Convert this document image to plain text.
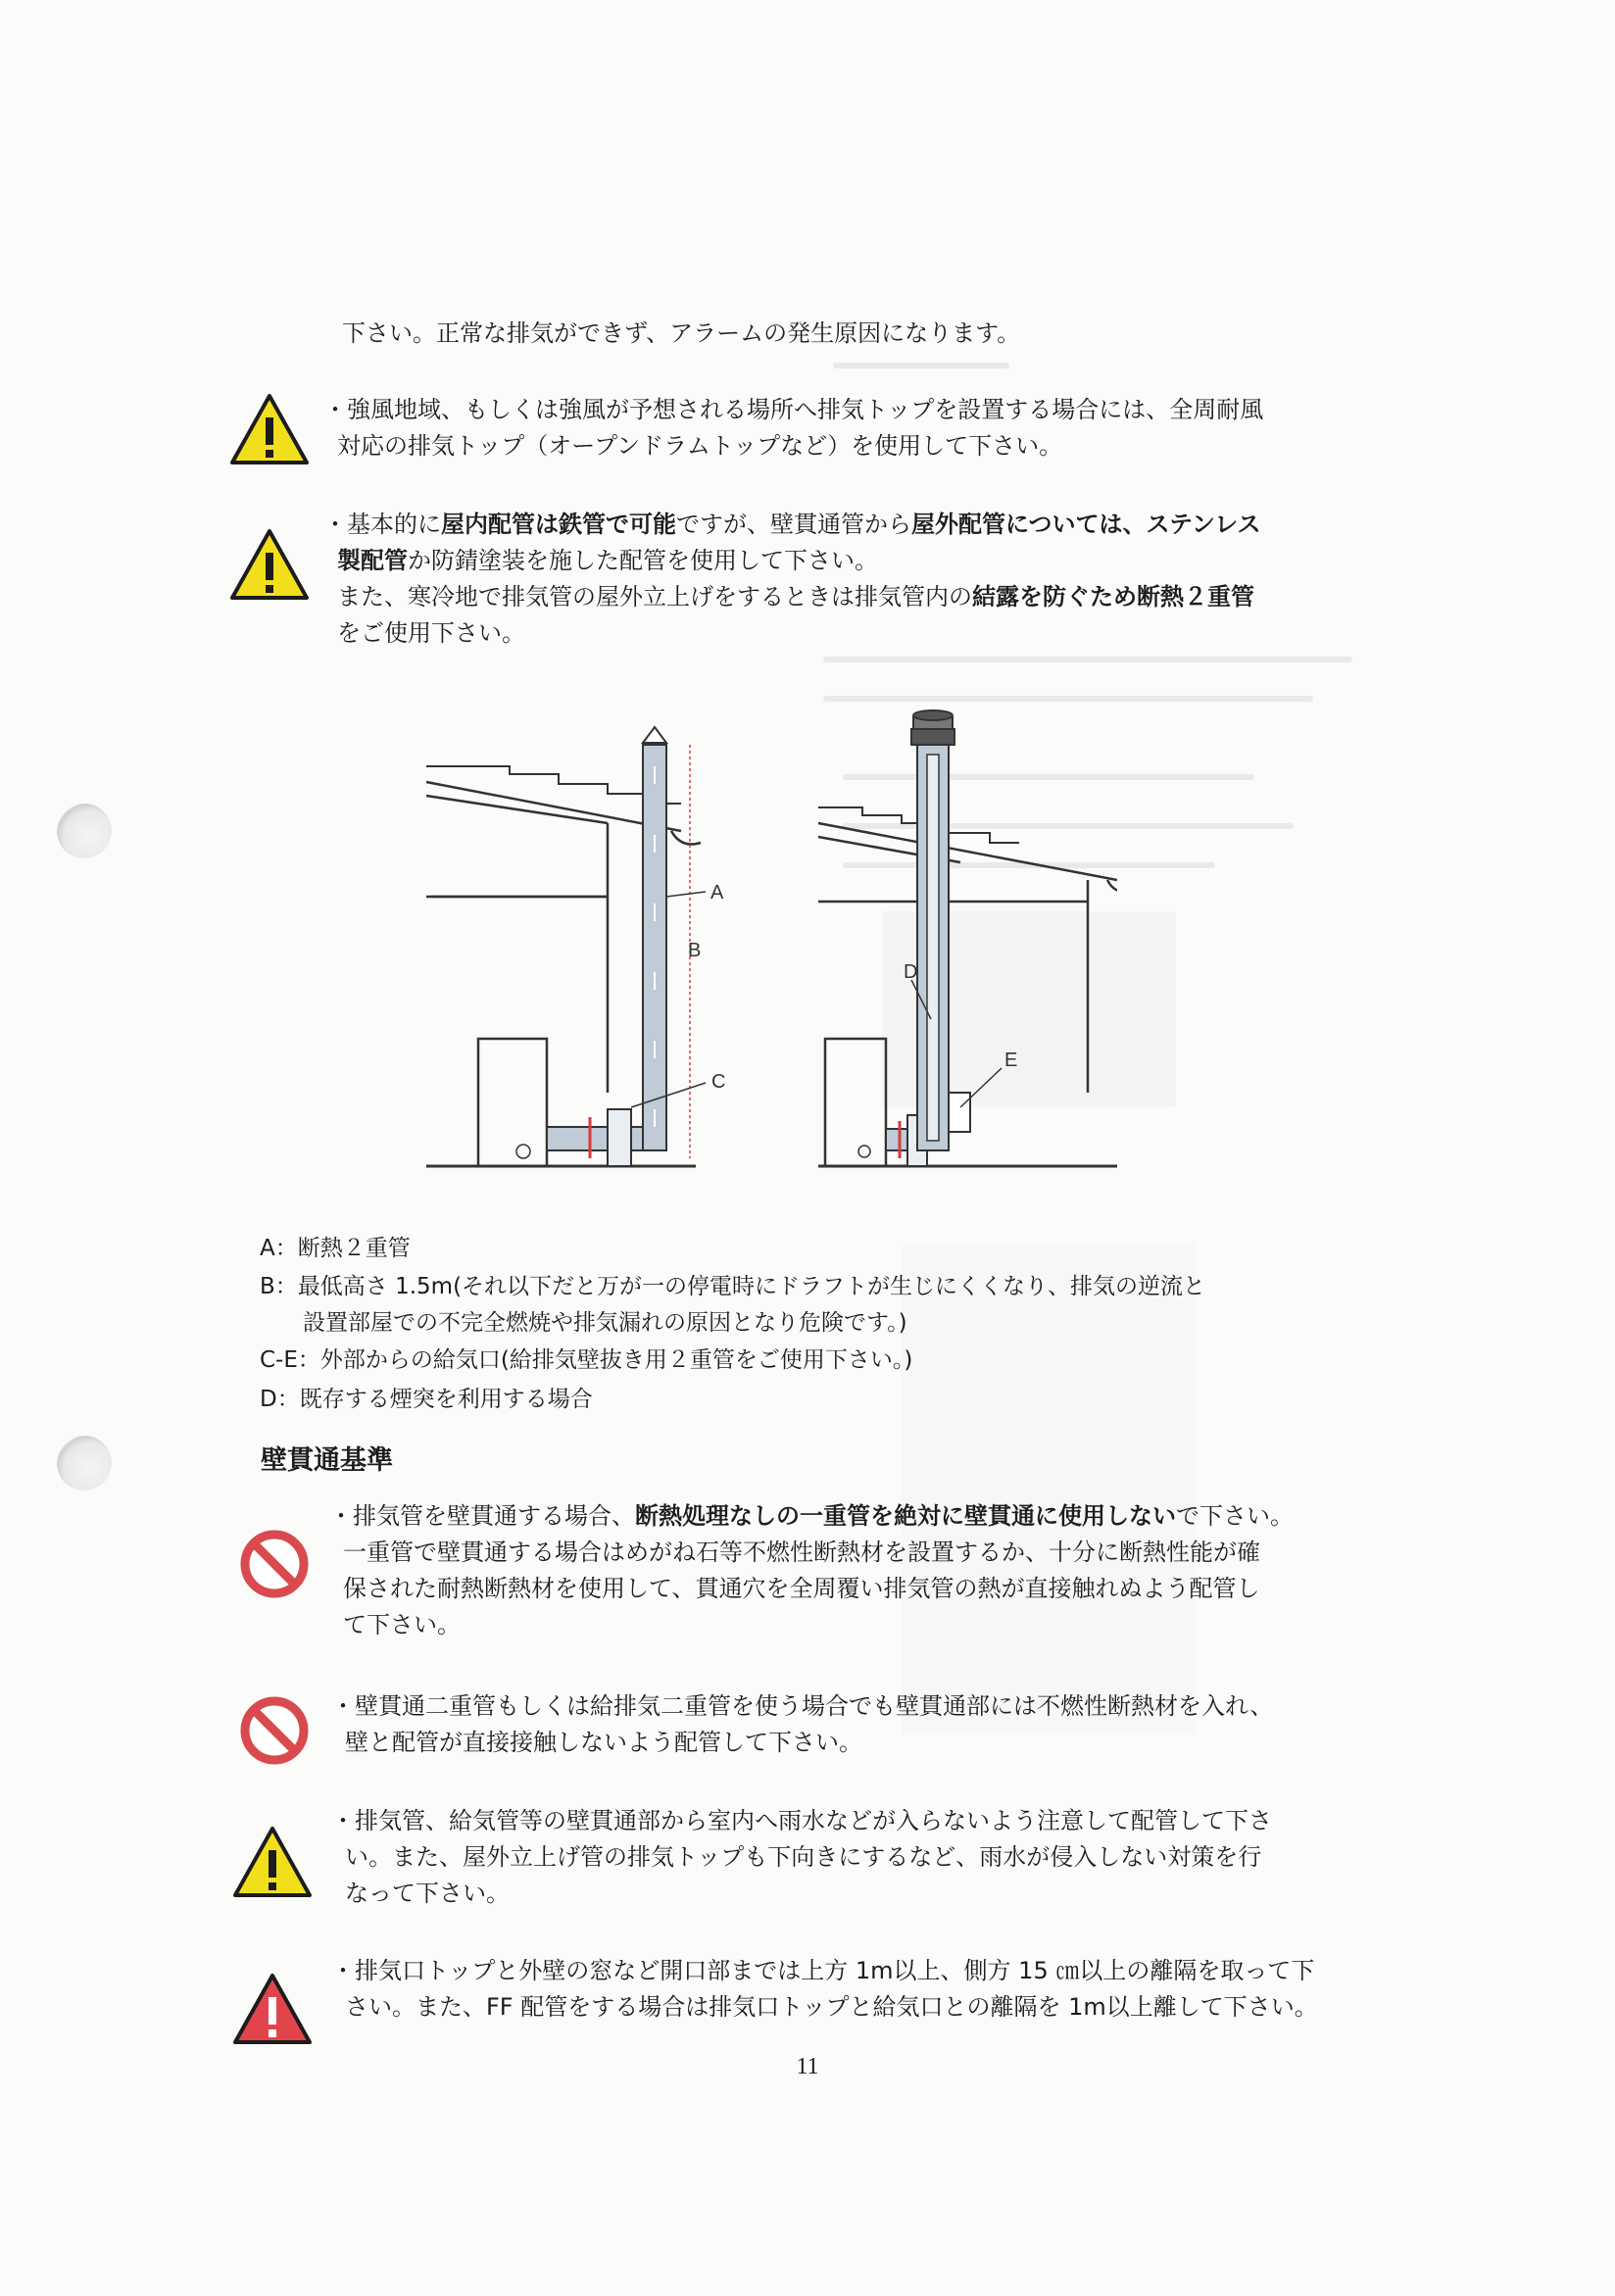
下さい。正常な排気ができず、アラームの発生原因になります。

・強風地域、もしくは強風が予想される場所へ排気トップを設置する場合には、全周耐風
対応の排気トップ（オープンドラムトップなど）を使用して下さい。
・基本的に屋内配管は鉄管で可能ですが、壁貫通管から屋外配管については、ステンレス
製配管か防錆塗装を施した配管を使用して下さい。
また、寒冷地で排気管の屋外立上げをするときは排気管内の結露を防ぐため断熱２重管
をご使用下さい。
A
B
C
D
E
A：断熱２重管
B：最低高さ 1.5m(それ以下だと万が一の停電時にドラフトが生じにくくなり、排気の逆流と
設置部屋での不完全燃焼や排気漏れの原因となり危険です。)
C-E：外部からの給気口(給排気壁抜き用２重管をご使用下さい。)
D：既存する煙突を利用する場合
壁貫通基準
・排気管を壁貫通する場合、断熱処理なしの一重管を絶対に壁貫通に使用しないで下さい。
一重管で壁貫通する場合はめがね石等不燃性断熱材を設置するか、十分に断熱性能が確
保された耐熱断熱材を使用して、貫通穴を全周覆い排気管の熱が直接触れぬよう配管し
て下さい。
・壁貫通二重管もしくは給排気二重管を使う場合でも壁貫通部には不燃性断熱材を入れ、
壁と配管が直接接触しないよう配管して下さい。
・排気管、給気管等の壁貫通部から室内へ雨水などが入らないよう注意して配管して下さ
い。また、屋外立上げ管の排気トップも下向きにするなど、雨水が侵入しない対策を行
なって下さい。
・排気口トップと外壁の窓など開口部までは上方 1m以上、側方 15 ㎝以上の離隔を取って下
さい。また、FF 配管をする場合は排気口トップと給気口との離隔を 1m以上離して下さい。
11
